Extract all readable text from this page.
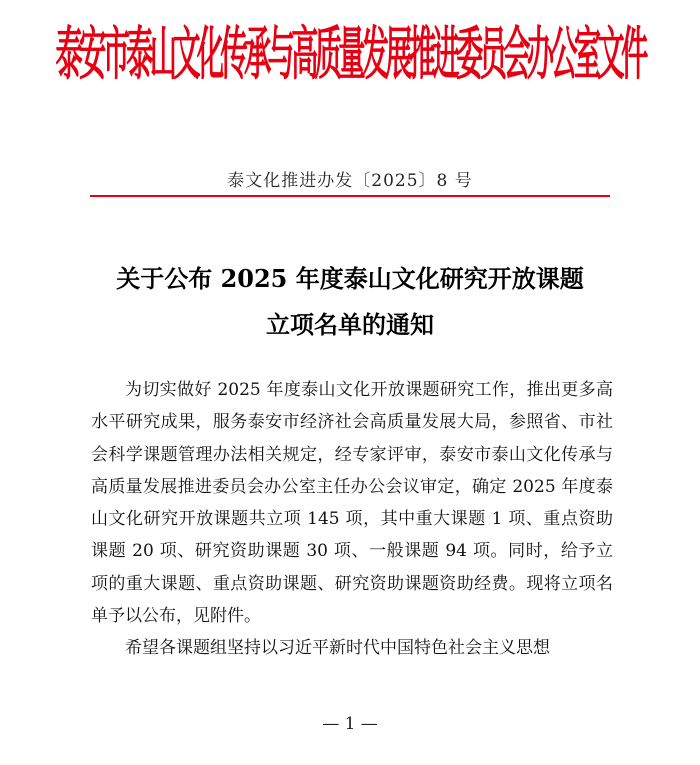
泰安市泰山文化传承与高质量发展推进委员会办公室文件
泰文化推进办发〔2025〕8 号
关于公布 2025 年度泰山文化研究开放课题
立项名单的通知

为切实做好 2025 年度泰山文化开放课题研究工作，推出更多高水平研究成果，服务泰安市经济社会高质量发展大局，参照省、市社会科学课题管理办法相关规定，经专家评审，泰安市泰山文化传承与高质量发展推进委员会办公室主任办公会议审定，确定 2025 年度泰山文化研究开放课题共立项 145 项，其中重大课题 1 项、重点资助课题 20 项、研究资助课题 30 项、一般课题 94 项。同时，给予立项的重大课题、重点资助课题、研究资助课题资助经费。现将立项名单予以公布，见附件。

希望各课题组坚持以习近平新时代中国特色社会主义思想

— 1 —
